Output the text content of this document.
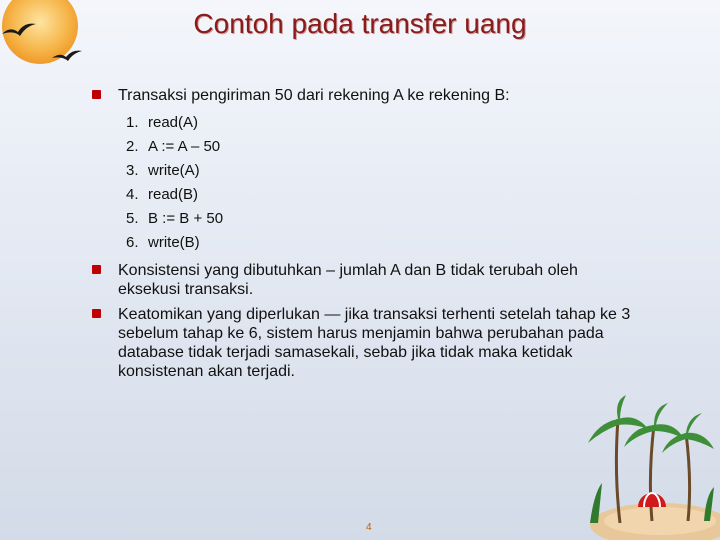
Contoh pada transfer uang
Transaksi pengiriman 50 dari rekening A ke rekening B:
1. read(A)
2. A := A – 50
3. write(A)
4. read(B)
5. B := B + 50
6. write(B)
Konsistensi yang dibutuhkan – jumlah A dan B tidak terubah oleh eksekusi transaksi.
Keatomikan yang diperlukan — jika transaksi terhenti setelah tahap ke 3 sebelum tahap ke 6, sistem harus menjamin bahwa perubahan pada database tidak terjadi samasekali, sebab jika tidak maka ketidak konsistenan akan terjadi.
4
